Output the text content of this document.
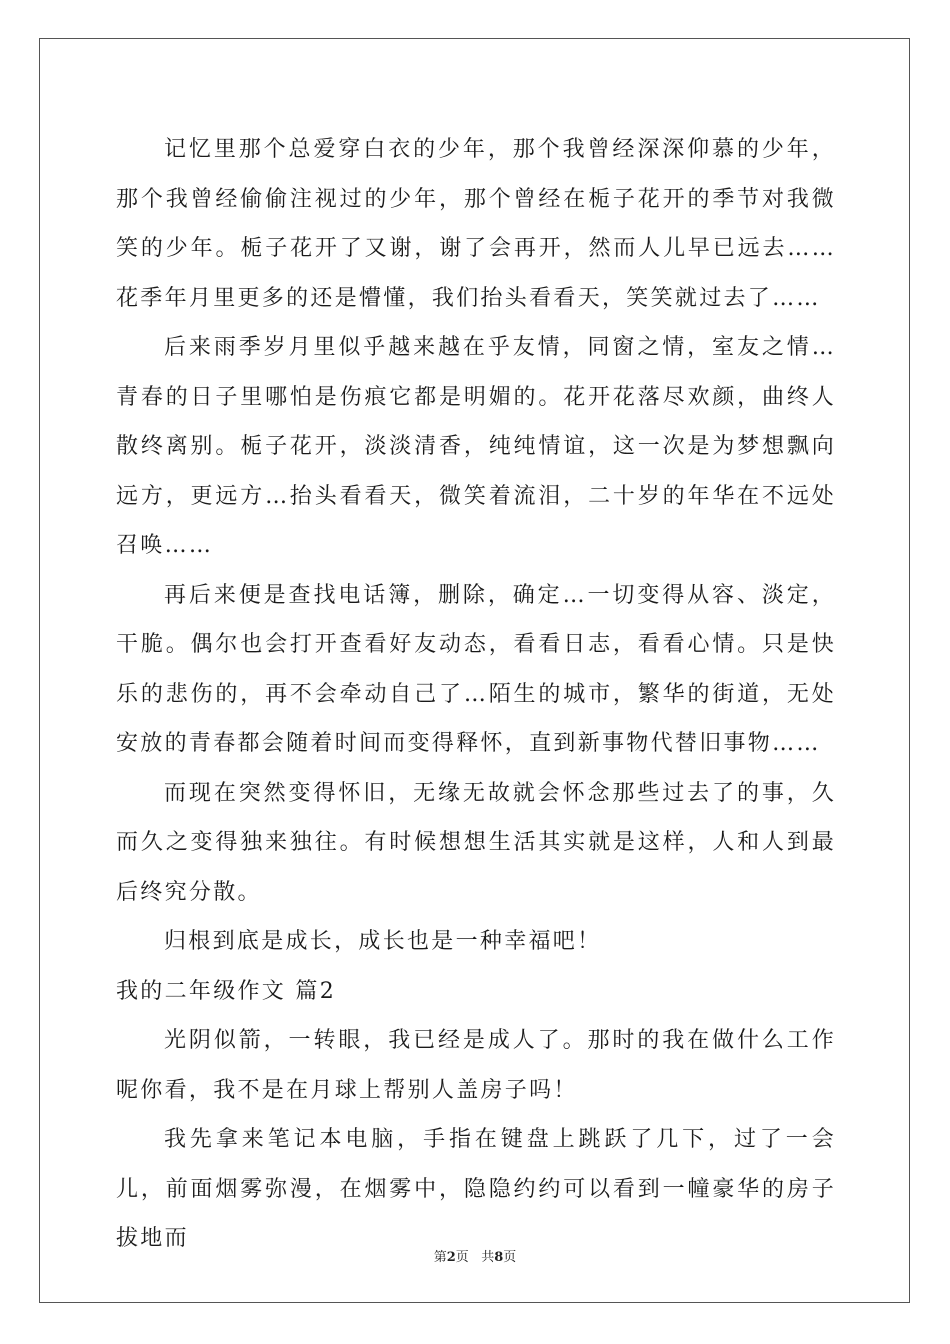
记忆里那个总爱穿白衣的少年，那个我曾经深深仰慕的少年，那个我曾经偷偷注视过的少年，那个曾经在栀子花开的季节对我微笑的少年。栀子花开了又谢，谢了会再开，然而人儿早已远去……花季年月里更多的还是懵懂，我们抬头看看天，笑笑就过去了……

后来雨季岁月里似乎越来越在乎友情，同窗之情，室友之情…青春的日子里哪怕是伤痕它都是明媚的。花开花落尽欢颜，曲终人散终离别。栀子花开，淡淡清香，纯纯情谊，这一次是为梦想飘向远方，更远方…抬头看看天，微笑着流泪，二十岁的年华在不远处召唤……

再后来便是查找电话簿，删除，确定…一切变得从容、淡定，干脆。偶尔也会打开查看好友动态，看看日志，看看心情。只是快乐的悲伤的，再不会牵动自己了…陌生的城市，繁华的街道，无处安放的青春都会随着时间而变得释怀，直到新事物代替旧事物……

而现在突然变得怀旧，无缘无故就会怀念那些过去了的事，久而久之变得独来独往。有时候想想生活其实就是这样，人和人到最后终究分散。

归根到底是成长，成长也是一种幸福吧！

我的二年级作文 篇2

光阴似箭，一转眼，我已经是成人了。那时的我在做什么工作呢你看，我不是在月球上帮别人盖房子吗！

我先拿来笔记本电脑，手指在键盘上跳跃了几下，过了一会儿，前面烟雾弥漫，在烟雾中，隐隐约约可以看到一幢豪华的房子拔地而

第2页 共8页
